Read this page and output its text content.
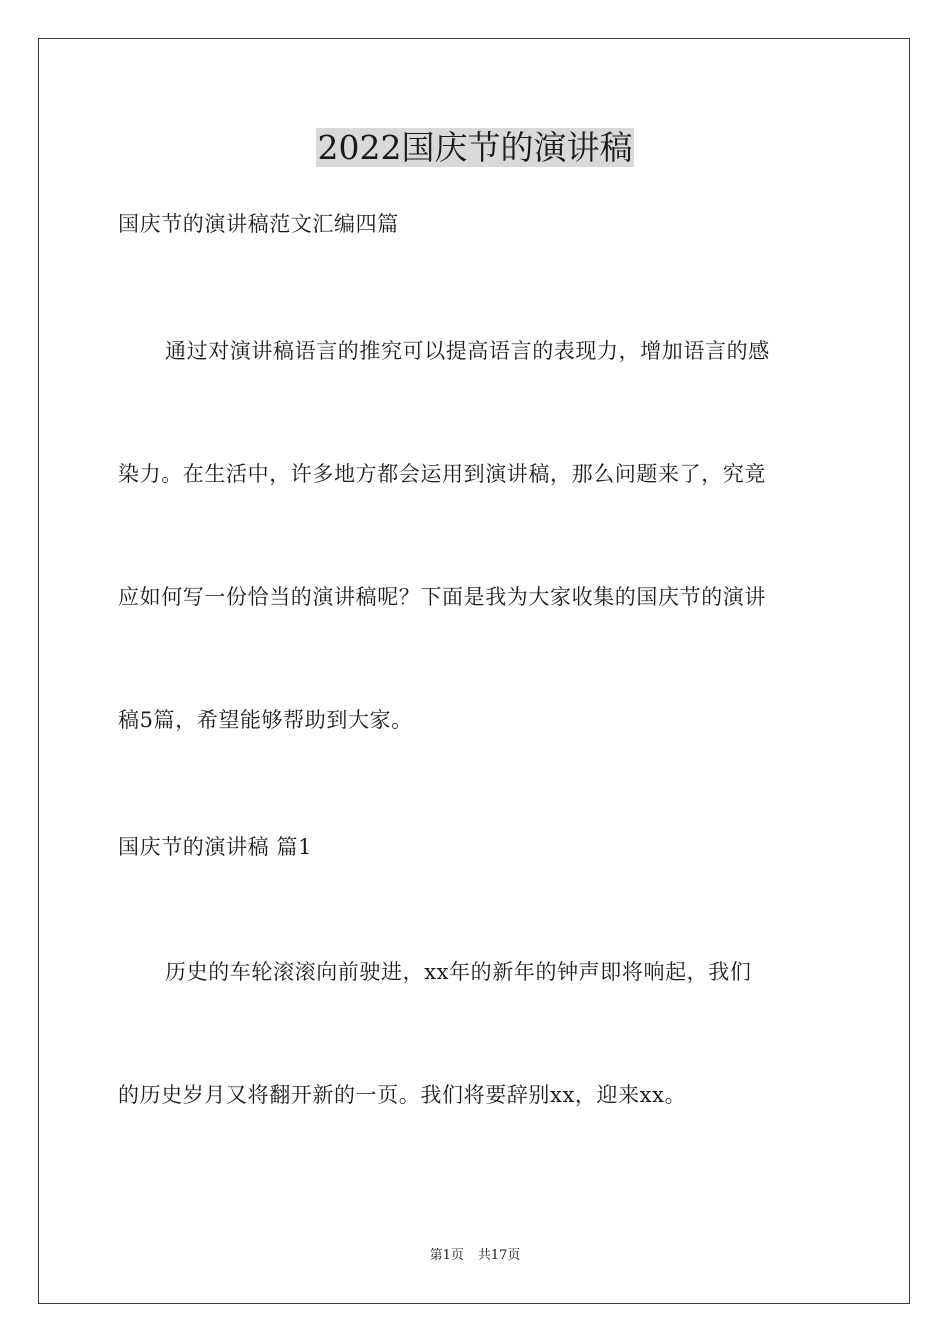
2022国庆节的演讲稿

国庆节的演讲稿范文汇编四篇

通过对演讲稿语言的推究可以提高语言的表现力，增加语言的感

染力。在生活中，许多地方都会运用到演讲稿，那么问题来了，究竟

应如何写一份恰当的演讲稿呢？下面是我为大家收集的国庆节的演讲

稿5篇，希望能够帮助到大家。

国庆节的演讲稿 篇1

历史的车轮滚滚向前驶进，xx年的新年的钟声即将响起，我们

的历史岁月又将翻开新的一页。我们将要辞别xx，迎来xx。

第1页 共17页
